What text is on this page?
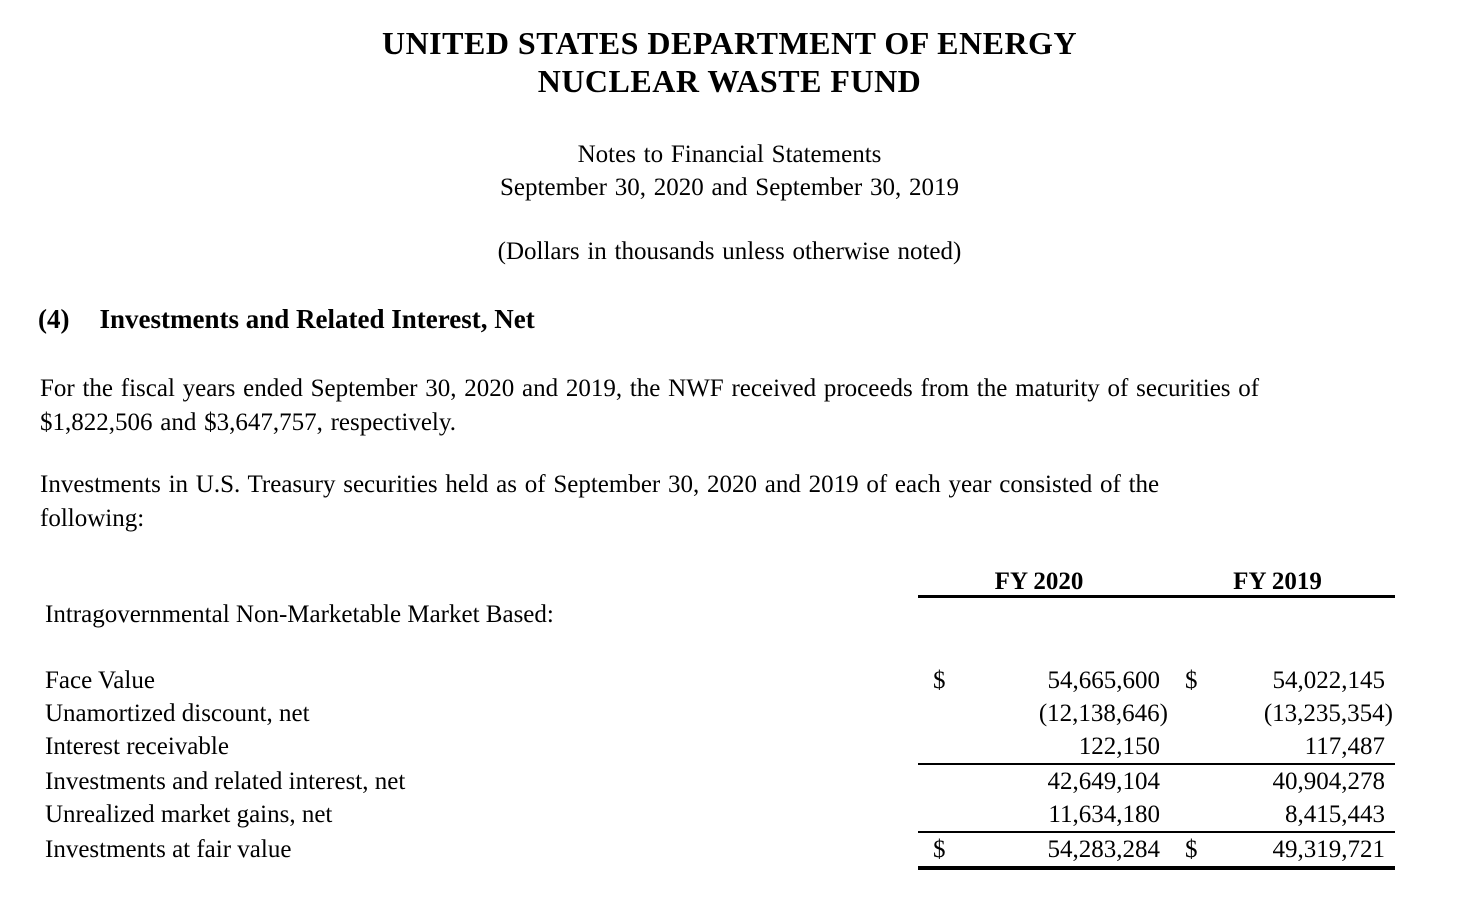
UNITED STATES DEPARTMENT OF ENERGY
NUCLEAR WASTE FUND
Notes to Financial Statements
September 30, 2020 and September 30, 2019
(Dollars in thousands unless otherwise noted)
(4) Investments and Related Interest, Net

For the fiscal years ended September 30, 2020 and 2019, the NWF received proceeds from the maturity of securities of
$1,822,506 and $3,647,757, respectively.

Investments in U.S. Treasury securities held as of September 30, 2020 and 2019 of each year consisted of the
following:

FY 2020	FY 2019
Intragovernmental Non-Marketable Market Based:
Face Value	$	54,665,600	$	54,022,145
Unamortized discount, net	(12,138,646)	(13,235,354)
Interest receivable	122,150	117,487
Investments and related interest, net	42,649,104	40,904,278
Unrealized market gains, net	11,634,180	8,415,443
Investments at fair value	$	54,283,284	$	49,319,721
